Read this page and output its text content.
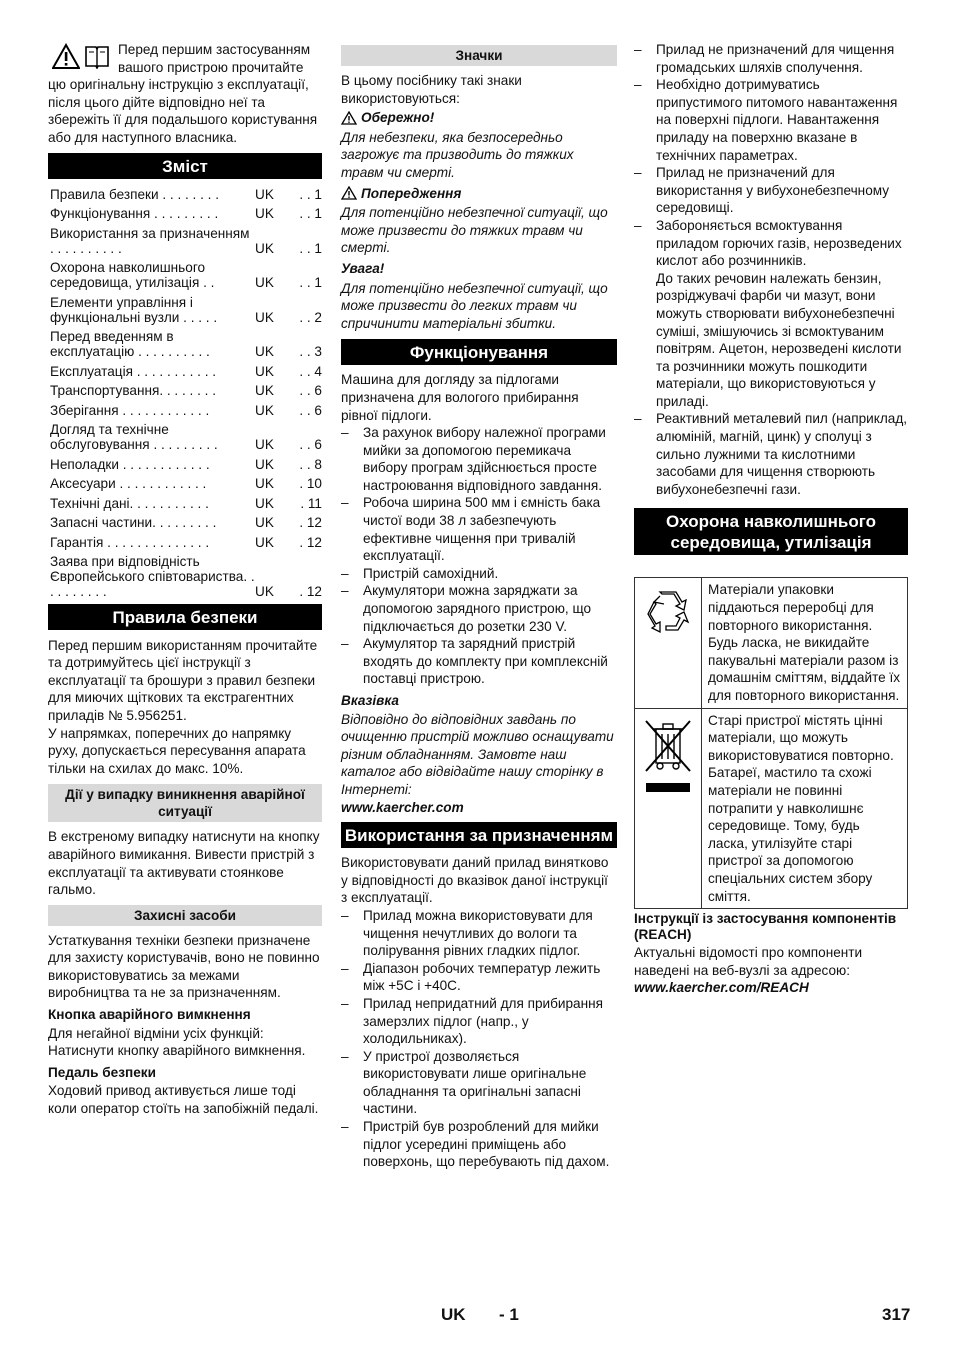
Перед першим застосуванням вашого пристрою прочитайте цю оригінальну інструкцію з експлуатації, після цього дійте відповідно неї та збережіть її для подальшого користування або для наступного власника.

Зміст
Правила безпеки . . . . . . . .	UK	. . 1
Функціонування . . . . . . . . .	UK	. . 1
Використання за призначенням . . . . . . . . . .	UK	. . 1
Охорона навколишнього середовища, утилізація . .	UK	. . 1
Елементи управління і функціональні вузли . . . . .	UK	. . 2
Перед введенням в експлуатацію . . . . . . . . . .	UK	. . 3
Експлуатація . . . . . . . . . . .	UK	. . 4
Транспортування. . . . . . . .	UK	. . 6
Зберігання . . . . . . . . . . . .	UK	. . 6
Догляд та технічне обслуговування . . . . . . . . .	UK	. . 6
Неполадки . . . . . . . . . . . .	UK	. . 8
Аксесуари . . . . . . . . . . . .	UK	. 10
Технічні дані. . . . . . . . . . .	UK	. 11
Запасні частини. . . . . . . . .	UK	. 12
Гарантія . . . . . . . . . . . . . .	UK	. 12
Заява при відповідність Європейського співтовариства. . . . . . . . . .	UK	. 12
Правила безпеки

Перед першим використанням прочитайте та дотримуйтесь цієї інструкції з експлуатації та брошури з правил безпеки для миючих щіткових та екстрагентних приладів № 5.956251.

У напрямках, поперечних до напрямку руху, допускається пересування апарата тільки на схилах до макс. 10%.

Дії у випадку виникнення аварійної ситуації

В екстреному випадку натиснути на кнопку аварійного вимикання. Вивести пристрій з експлуатації та активувати стоянкове гальмо.

Захисні засоби

Устаткування техніки безпеки призначене для захисту користувачів, воно не повинно використовуватись за межами виробництва та не за призначенням.

Кнопка аварійного вимкнення

Для негайної відміни усіх функцій: Натиснути кнопку аварійного вимкнення.

Педаль безпеки

Ходовий привод активується лише тоді коли оператор стоїть на запобіжній педалі.

Значки

В цьому посібнику такі знаки використовуються:

Обережно!

Для небезпеки, яка безпосередньо загрожує та призводить до тяжких травм чи смерті.

Попередження

Для потенційно небезпечної ситуації, що може призвести до тяжких травм чи смерті.

Увага!

Для потенційно небезпечної ситуації, що може призвести до легких травм чи спричинити матеріальні збитки.

Функціонування

Машина для догляду за підлогами призначена для вологого прибирання рівної підлоги.

– За рахунок вибору належної програми мийки за допомогою перемикача вибору програм здійснюється просте настроювання відповідного завдання.
– Робоча ширина 500 мм і ємність бака чистої води 38 л забезпечують ефективне чищення при тривалій експлуатації.
– Пристрій самохідний.
– Акумулятори можна заряджати за допомогою зарядного пристрою, що підключається до розетки 230 V.
– Акумулятор та зарядний пристрій входять до комплекту при комплексній поставці пристрою.

Вказівка

Відповідно до відповідних завдань по очищенню пристрій можливо оснащувати різним обладнанням. Замовте наш каталог або відвідайте нашу сторінку в Інтернеті:

www.kaercher.com

Використання за призначенням

Використовувати даний прилад винятково у відповідності до вказівок даної інструкції з експлуатації.

– Прилад можна використовувати для чищення нечутливих до вологи та полірування рівних гладких підлог.
– Діапазон робочих температур лежить між +5С і +40С.
– Прилад непридатний для прибирання замерзлих підлог (напр., у холодильниках).
– У пристрої дозволяється використовувати лише оригінальне обладнання та оригінальні запасні частини.
– Пристрій був розроблений для мийки підлог усередині приміщень або поверхонь, що перебувають під дахом.
– Прилад не призначений для чищення громадських шляхів сполучення.
– Необхідно дотримуватись припустимого питомого навантаження на поверхні підлоги. Навантаження приладу на поверхню вказане в технічних параметрах.
– Прилад не призначений для використання у вибухонебезпечному середовищі.
– Забороняється всмоктування приладом горючих газів, нерозведених кислот або розчинників.
До таких речовин належать бензин, розріджувачі фарби чи мазут, вони можуть створювати вибухонебезпечні суміші, змішуючись зі всмоктуваним повітрям. Ацетон, нерозведені кислоти та розчинники можуть пошкодити матеріали, що використовуються у приладі.
– Реактивний металевий пил (наприклад, алюміній, магній, цинк) у сполуці з сильно лужними та кислотними засобами для чищення створюють вибухонебезпечні гази.
Охорона навколишнього середовища, утилізація
	Матеріали упаковки піддаються переробці для повторного використання. Будь ласка, не викидайте пакувальні матеріали разом із домашнім сміттям, віддайте їх для повторного використання.
	Старі пристрої містять цінні матеріали, що можуть використовуватися повторно. Батареї, мастило та схожі матеріали не повинні потрапити у навколишнє середовище. Тому, будь ласка, утилізуйте старі пристрої за допомогою спеціальних систем збору сміття.

Інструкції із застосування компонентів (REACH)

Актуальні відомості про компоненти наведені на веб-вузлі за адресою:

www.kaercher.com/REACH

UK - 1	317
